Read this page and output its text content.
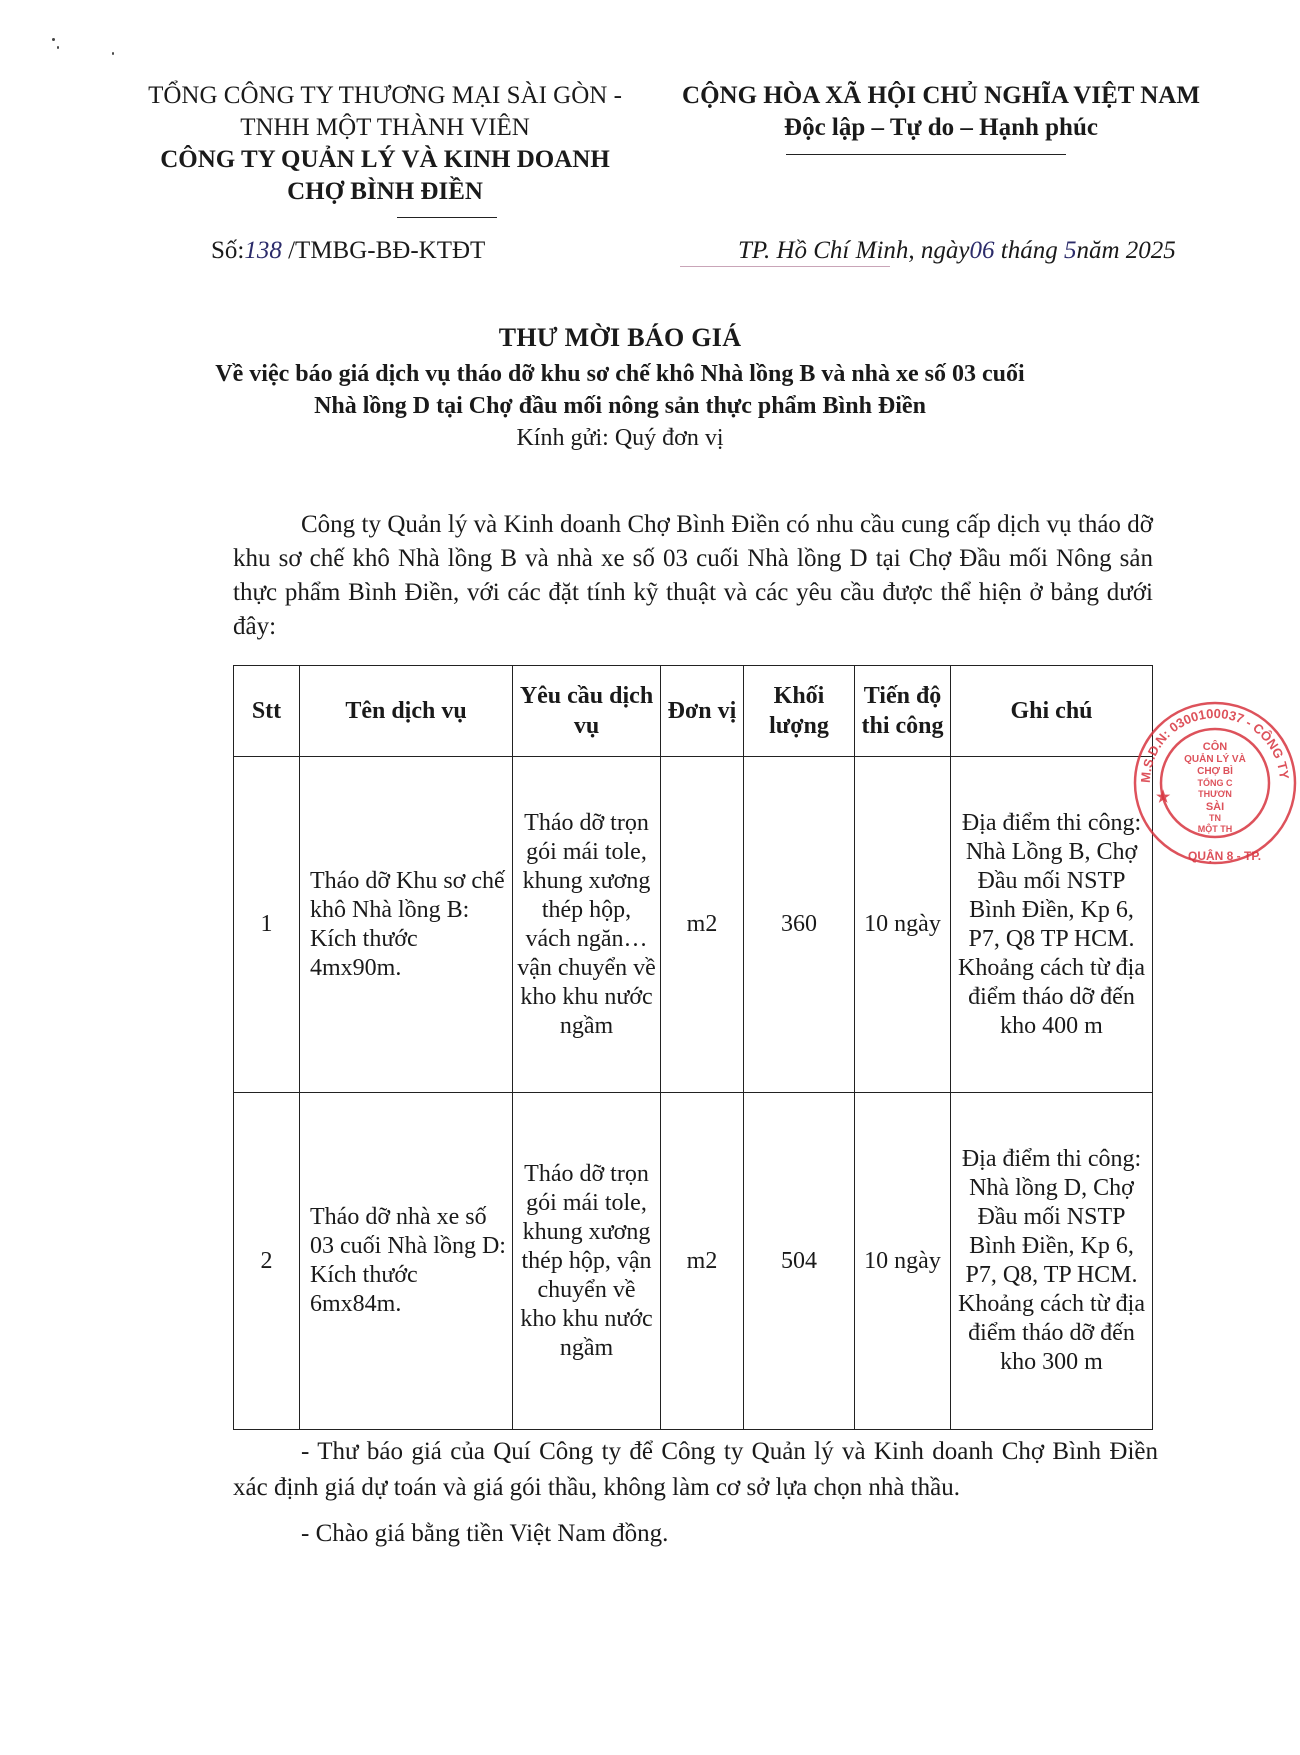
TỔNG CÔNG TY THƯƠNG MẠI SÀI GÒN -
TNHH MỘT THÀNH VIÊN
CÔNG TY QUẢN LÝ VÀ KINH DOANH
CHỢ BÌNH ĐIỀN
CỘNG HÒA XÃ HỘI CHỦ NGHĨA VIỆT NAM
Độc lập – Tự do – Hạnh phúc
Số:138 /TMBG-BĐ-KTĐT	TP. Hồ Chí Minh, ngày06 tháng 5năm 2025
THƯ MỜI BÁO GIÁ
Về việc báo giá dịch vụ tháo dỡ khu sơ chế khô Nhà lồng B và nhà xe số 03 cuối
Nhà lồng D tại Chợ đầu mối nông sản thực phẩm Bình Điền
Kính gửi: Quý đơn vị
Công ty Quản lý và Kinh doanh Chợ Bình Điền có nhu cầu cung cấp dịch vụ tháo dỡ khu sơ chế khô Nhà lồng B và nhà xe số 03 cuối Nhà lồng D tại Chợ Đầu mối Nông sản thực phẩm Bình Điền, với các đặt tính kỹ thuật và các yêu cầu được thể hiện ở bảng dưới đây:
Stt	Tên dịch vụ	Yêu cầu dịch vụ	Đơn vị	Khối lượng	Tiến độ thi công	Ghi chú
1	Tháo dỡ Khu sơ chế khô Nhà lồng B: Kích thước 4mx90m.	Tháo dỡ trọn gói mái tole, khung xương thép hộp, vách ngăn… vận chuyển về kho khu nước ngầm	m2	360	10 ngày	Địa điểm thi công: Nhà Lồng B, Chợ Đầu mối NSTP Bình Điền, Kp 6, P7, Q8 TP HCM. Khoảng cách từ địa điểm tháo dỡ đến kho 400 m
2	Tháo dỡ nhà xe số 03 cuối Nhà lồng D: Kích thước 6mx84m.	Tháo dỡ trọn gói mái tole, khung xương thép hộp, vận chuyển về kho khu nước ngầm	m2	504	10 ngày	Địa điểm thi công: Nhà lồng D, Chợ Đầu mối NSTP Bình Điền, Kp 6, P7, Q8, TP HCM. Khoảng cách từ địa điểm tháo dỡ đến kho 300 m
M.S.D.N: 0300100037 - CÔNG TY
CÔN
QUẢN LÝ VÀ
CHỢ BÌ
TỔNG C
THƯƠN
SÀI
TN
MỘT TH
★
QUẬN 8 - TP.
- Thư báo giá của Quí Công ty để Công ty Quản lý và Kinh doanh Chợ Bình Điền xác định giá dự toán và giá gói thầu, không làm cơ sở lựa chọn nhà thầu.
- Chào giá bằng tiền Việt Nam đồng.
